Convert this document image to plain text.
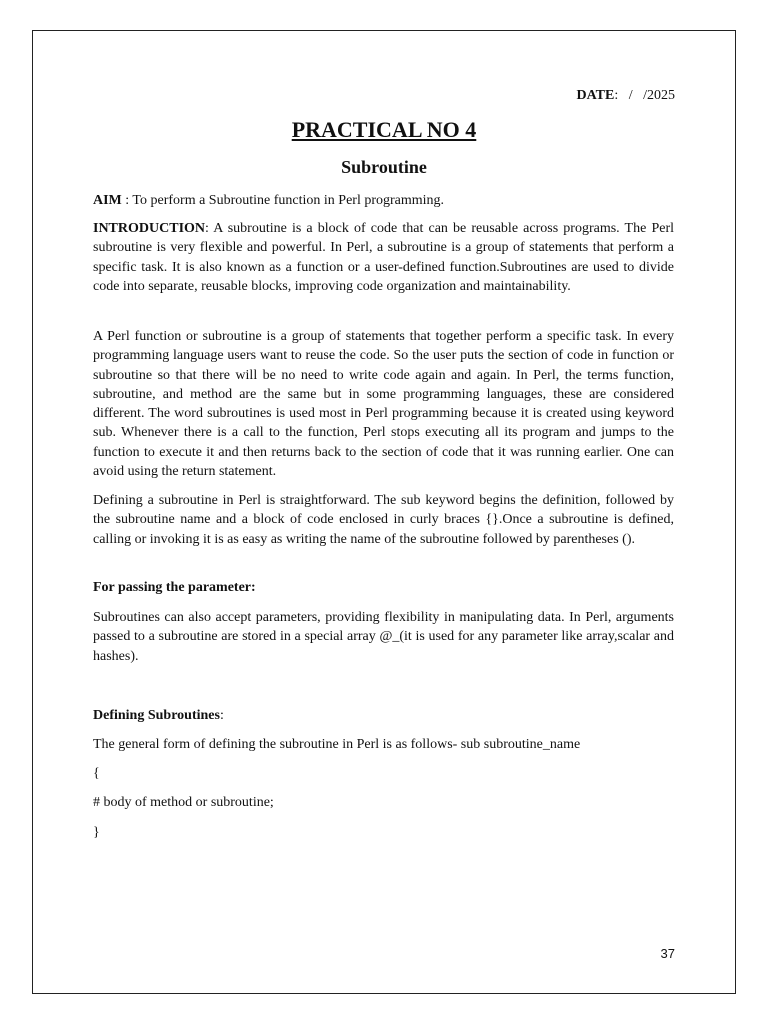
DATE:   /   /2025
PRACTICAL NO 4
Subroutine

AIM : To perform a Subroutine function in Perl programming.

INTRODUCTION: A subroutine is a block of code that can be reusable across programs. The Perl subroutine is very flexible and powerful. In Perl, a subroutine is a group of statements that perform a specific task. It is also known as a function or a user-defined function.Subroutines are used to divide code into separate, reusable blocks, improving code organization and maintainability.

A Perl function or subroutine is a group of statements that together perform a specific task. In every programming language users want to reuse the code. So the user puts the section of code in function or subroutine so that there will be no need to write code again and again. In Perl, the terms function, subroutine, and method are the same but in some programming languages, these are considered different. The word subroutines is used most in Perl programming because it is created using keyword sub. Whenever there is a call to the function, Perl stops executing all its program and jumps to the function to execute it and then returns back to the section of code that it was running earlier. One can avoid using the return statement.

Defining a subroutine in Perl is straightforward. The sub keyword begins the definition, followed by the subroutine name and a block of code enclosed in curly braces {}.Once a subroutine is defined, calling or invoking it is as easy as writing the name of the subroutine followed by parentheses ().

For passing the parameter:

Subroutines can also accept parameters, providing flexibility in manipulating data. In Perl, arguments passed to a subroutine are stored in a special array @_(it is used for any parameter like array,scalar and hashes).

Defining Subroutines:

The general form of defining the subroutine in Perl is as follows- sub subroutine_name

{

# body of method or subroutine;

}

37
